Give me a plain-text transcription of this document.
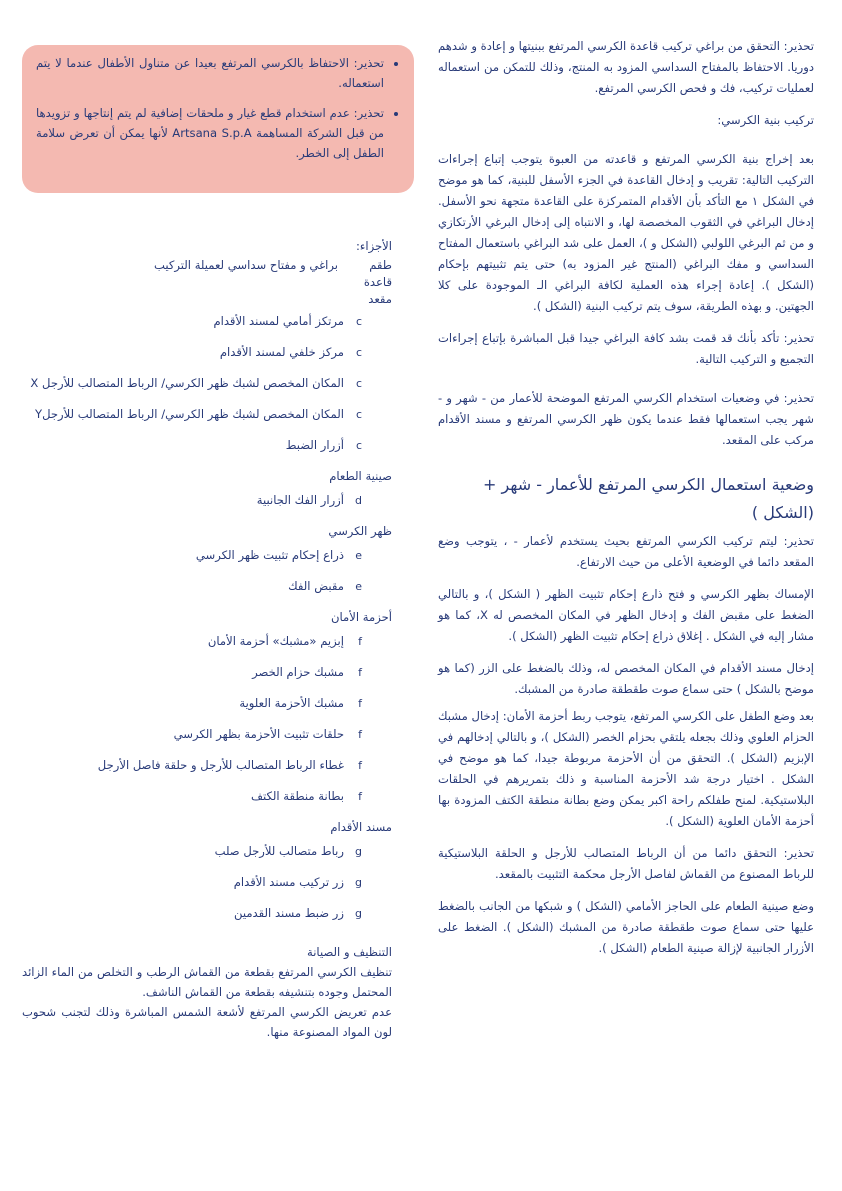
تحذير: التحقق من براغي تركيب قاعدة الكرسي المرتفع ببنيتها و إعادة و شدهم دوريا. الاحتفاظ بالمفتاح السداسي المزود به المنتج، وذلك للتمكن من استعماله لعمليات تركيب، فك و فحص الكرسي المرتفع.

تركيب بنية الكرسي:

بعد إخراج بنية الكرسي المرتفع و قاعدته من العبوة يتوجب إتباع إجراءات التركيب التالية: تقريب و إدخال القاعدة في الجزء الأسفل للبنية، كما هو موضح في الشكل ١ مع التأكد بأن الأقدام المتمركزة على القاعدة متجهة نحو الأسفل. إدخال البراغي في الثقوب المخصصة لها، و الانتباه إلى إدخال البرغي الأرتكازي و من ثم البرغي اللولبي (الشكل و )، العمل على شد البراغي باستعمال المفتاح السداسي و مفك البراغي (المنتج غير المزود به) حتى يتم تثبيتهم بإحكام (الشكل ). إعادة إجراء هذه العملية لكافة البراغي الـ الموجودة على كلا الجهتين. و بهذه الطريقة، سوف يتم تركيب البنية (الشكل ).

تحذير: تأكد بأنك قد قمت بشد كافة البراغي جيدا قبل المباشرة بإتباع إجراءات التجميع و التركيب التالية.

تحذير: في وضعيات استخدام الكرسي المرتفع الموضحة للأعمار من - شهر و - شهر يجب استعمالها فقط عندما يكون ظهر الكرسي المرتفع و مسند الأقدام مركب على المقعد.

وضعية استعمال الكرسي المرتفع للأعمار - شهر + (الشكل )

تحذير: ليتم تركيب الكرسي المرتفع بحيث يستخدم لأعمار - ، يتوجب وضع المقعد دائما في الوضعية الأعلى من حيث الارتفاع.

الإمساك بظهر الكرسي و فتح ذارع إحكام تثبيت الظهر ( الشكل )، و بالتالي الضغط على مقبض الفك و إدخال الظهر في المكان المخصص له X، كما هو مشار إليه في الشكل . إغلاق ذراع إحكام تثبيت الظهر (الشكل ).

إدخال مسند الأقدام في المكان المخصص له، وذلك بالضغط على الزر (كما هو موضح بالشكل ) حتى سماع صوت طقطقة صادرة من المشبك.

بعد وضع الطفل على الكرسي المرتفع، يتوجب ربط أحزمة الأمان: إدخال مشبك الحزام العلوي وذلك بجعله يلتقي بحزام الخصر (الشكل )، و بالتالي إدخالهم في الإبزيم (الشكل ). التحقق من أن الأحزمة مربوطة جيدا، كما هو موضح في الشكل . اختيار درجة شد الأحزمة المناسبة و ذلك بتمريرهم في الحلقات البلاستيكية. لمنح طفلكم راحة اكبر يمكن وضع بطانة منطقة الكتف المزودة بها أحزمة الأمان العلوية (الشكل ).

تحذير: التحقق دائما من أن الرباط المتصالب للأرجل و الحلقة البلاستيكية للرباط المصنوع من القماش لفاصل الأرجل محكمة التثبيت بالمقعد.

وضع صينية الطعام على الحاجز الأمامي (الشكل ) و شبكها من الجانب بالضغط عليها حتى سماع صوت طقطقة صادرة من المشبك (الشكل ). الضغط على الأزرار الجانبية لإزالة صينية الطعام (الشكل ).

• تحذير: الاحتفاظ بالكرسي المرتفع بعيدا عن متناول الأطفال عندما لا يتم استعماله.
• تحذير: عدم استخدام قطع غيار و ملحقات إضافية لم يتم إنتاجها و تزويدها من قبل الشركة المساهمة Artsana S.p.A لأنها يمكن أن تعرض سلامة الطفل إلى الخطر.

الأجزاء:

طقم
قاعدة
مقعد
براغي و مفتاح سداسي لعميلة التركيب
c
مرتكز أمامي لمسند الأقدام
c
مركز خلفي لمسند الأقدام
c
المكان المخصص لشبك ظهر الكرسي/ الرباط المتصالب للأرجل X
c
المكان المخصص لشبك ظهر الكرسي/ الرباط المتصالب للأرجلY
c
أزرار الضبط

صينية الطعام

d
أزرار الفك الجانبية

ظهر الكرسي

e
ذراع إحكام تثبيت ظهر الكرسي
e
مقبض الفك

أحزمة الأمان

f
إبزيم «مشبك» أحزمة الأمان
f
مشبك حزام الخصر
f
مشبك الأحزمة العلوية
f
حلقات تثبيت الأحزمة بظهر الكرسي
f
غطاء الرباط المتصالب للأرجل و حلقة فاصل الأرجل
f
بطانة منطقة الكتف

مسند الأقدام

g
رباط متصالب للأرجل صلب
g
زر تركيب مسند الأقدام
g
زر ضبط مسند القدمين

التنظيف و الصيانة

تنظيف الكرسي المرتفع بقطعة من القماش الرطب و التخلص من الماء الزائد المحتمل وجوده بتنشيفه بقطعة من القماش الناشف.

عدم تعريض الكرسي المرتفع لأشعة الشمس المباشرة وذلك لتجنب شحوب لون المواد المصنوعة منها.
